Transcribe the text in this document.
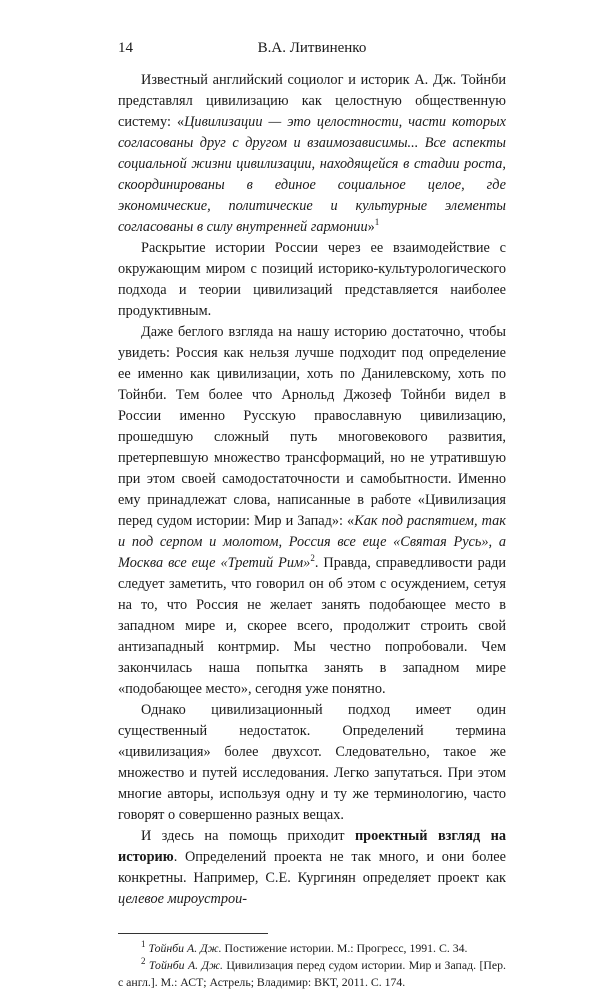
14	В.А. Литвиненко

Известный английский социолог и историк А. Дж. Тойнби представлял цивилизацию как целостную общественную систему: «Цивилизации — это целостности, части которых согласованы друг с другом и взаимозависимы... Все аспекты социальной жизни цивилизации, находящейся в стадии роста, скоординированы в единое социальное целое, где экономические, политические и культурные элементы согласованы в силу внутренней гармонии»$^1$

Раскрытие истории России через ее взаимодействие с окружающим миром с позиций историко-культурологического подхода и теории цивилизаций представляется наиболее продуктивным.

Даже беглого взгляда на нашу историю достаточно, чтобы увидеть: Россия как нельзя лучше подходит под определение ее именно как цивилизации, хоть по Данилевскому, хоть по Тойнби. Тем более что Арнольд Джозеф Тойнби видел в России именно Русскую православную цивилизацию, прошедшую сложный путь многовекового развития, претерпевшую множество трансформаций, но не утратившую при этом своей самодостаточности и самобытности. Именно ему принадлежат слова, написанные в работе «Цивилизация перед судом истории: Мир и Запад»: «Как под распятием, так и под серпом и молотом, Россия все еще «Святая Русь», а Москва все еще «Третий Рим»$^2$. Правда, справедливости ради следует заметить, что говорил он об этом с осуждением, сетуя на то, что Россия не желает занять подобающее место в западном мире и, скорее всего, продолжит строить свой антизападный контрмир. Мы честно попробовали. Чем закончилась наша попытка занять в западном мире «подобающее место», сегодня уже понятно.

Однако цивилизационный подход имеет один существенный недостаток. Определений термина «цивилизация» более двухсот. Следовательно, такое же множество и путей исследования. Легко запутаться. При этом многие авторы, используя одну и ту же терминологию, часто говорят о совершенно разных вещах.

И здесь на помощь приходит проектный взгляд на историю. Определений проекта не так много, и они более конкретны. Например, С.Е. Кургинян определяет проект как целевое мироустрои-

$^1$ Тойнби А. Дж. Постижение истории. М.: Прогресс, 1991. С. 34.

$^2$ Тойнби А. Дж. Цивилизация перед судом истории. Мир и Запад. [Пер. с англ.]. М.: АСТ; Астрель; Владимир: ВКТ, 2011. С. 174.
